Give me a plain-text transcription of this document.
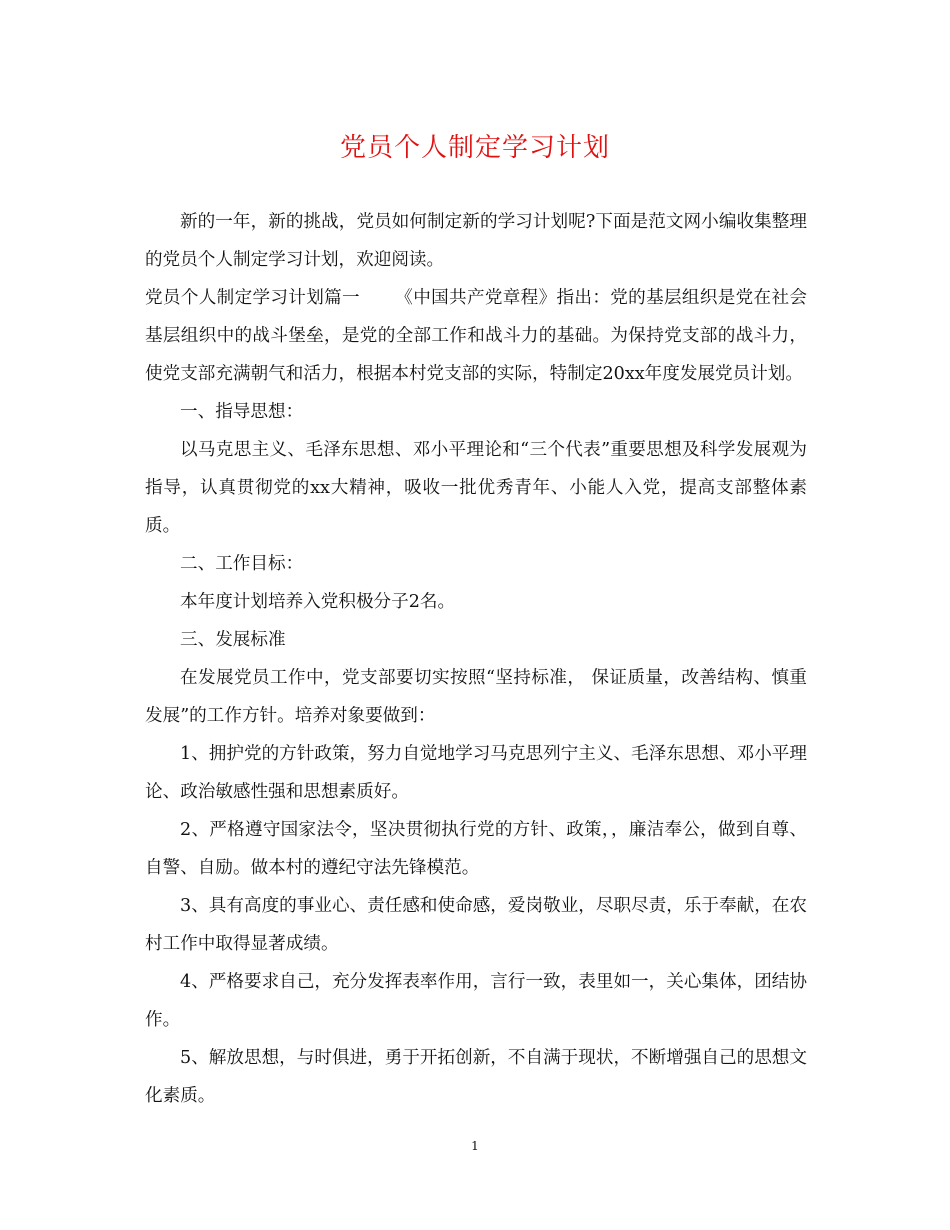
党员个人制定学习计划

新的一年，新的挑战，党员如何制定新的学习计划呢?下面是范文网小编收集整理的党员个人制定学习计划，欢迎阅读。

党员个人制定学习计划篇一 《中国共产党章程》指出：党的基层组织是党在社会基层组织中的战斗堡垒，是党的全部工作和战斗力的基础。为保持党支部的战斗力，使党支部充满朝气和活力，根据本村党支部的实际，特制定20xx年度发展党员计划。

一、指导思想：

以马克思主义、毛泽东思想、邓小平理论和“三个代表”重要思想及科学发展观为指导，认真贯彻党的xx大精神，吸收一批优秀青年、小能人入党，提高支部整体素质。

二、工作目标：

本年度计划培养入党积极分子2名。

三、发展标准

在发展党员工作中，党支部要切实按照“坚持标准， 保证质量，改善结构、慎重发展”的工作方针。培养对象要做到：

1、拥护党的方针政策，努力自觉地学习马克思列宁主义、毛泽东思想、邓小平理论、政治敏感性强和思想素质好。

2、严格遵守国家法令，坚决贯彻执行党的方针、政策，，廉洁奉公，做到自尊、自警、自励。做本村的遵纪守法先锋模范。

3、具有高度的事业心、责任感和使命感，爱岗敬业，尽职尽责，乐于奉献，在农村工作中取得显著成绩。

4、严格要求自己，充分发挥表率作用，言行一致，表里如一，关心集体，团结协作。

5、解放思想，与时俱进，勇于开拓创新，不自满于现状，不断增强自己的思想文化素质。

1
